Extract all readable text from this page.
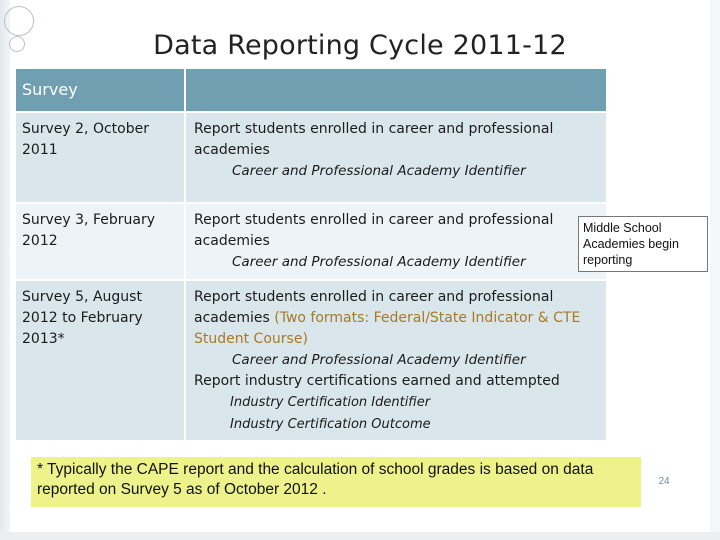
Data Reporting Cycle 2011-12
Survey
Survey 2, October 2011
Report students enrolled in career and professional academies
Career and Professional Academy Identifier
Survey 3, February 2012
Report students enrolled in career and professional academies
Career and Professional Academy Identifier
Survey 5, August 2012 to February 2013*
Report students enrolled in career and professional academies (Two formats: Federal/State Indicator & CTE Student Course)
Career and Professional Academy Identifier
Report industry certifications earned and attempted
Industry Certification Identifier
Industry Certification Outcome
Middle School Academies begin reporting
* Typically the CAPE report and the calculation of school grades is based on data reported on Survey 5 as of October 2012 .	24
